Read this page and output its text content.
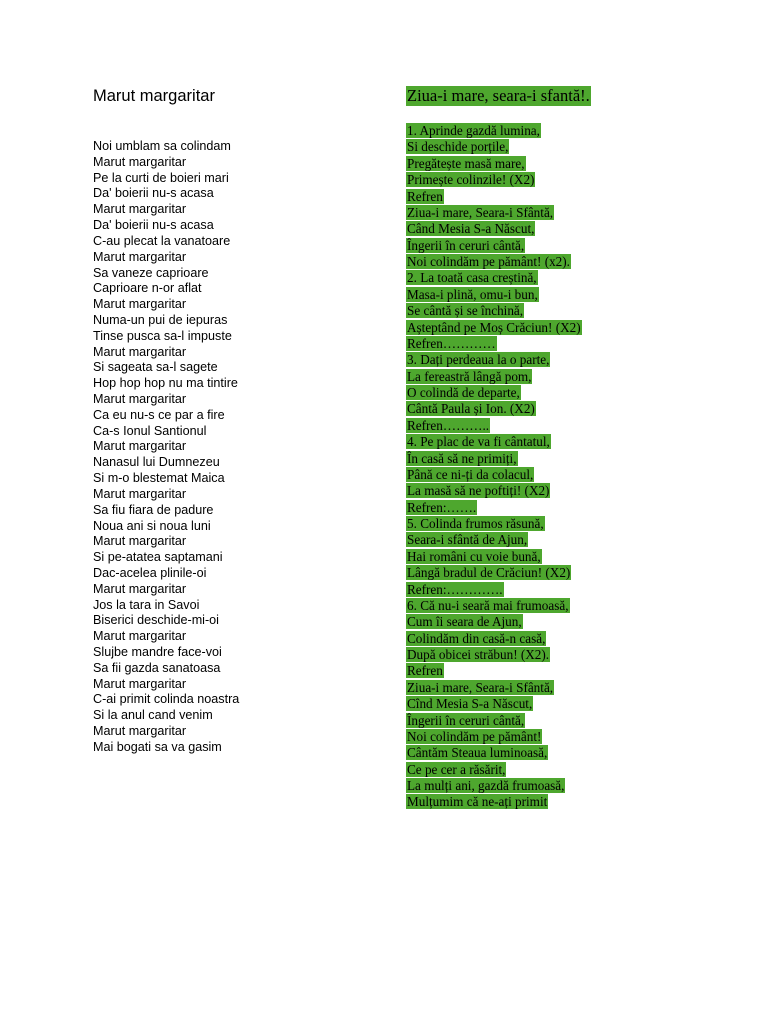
Marut margaritar
Noi umblam sa colindam
Marut margaritar
Pe la curti de boieri mari
Da' boierii nu-s acasa
Marut margaritar
Da' boierii nu-s acasa
C-au plecat la vanatoare
Marut margaritar
Sa vaneze caprioare
Caprioare n-or aflat
Marut margaritar
Numa-un pui de iepuras
Tinse pusca sa-l impuste
Marut margaritar
Si sageata sa-l sagete
Hop hop hop nu ma tintire
Marut margaritar
Ca eu nu-s ce par a fire
Ca-s Ionul Santionul
Marut margaritar
Nanasul lui Dumnezeu
Si m-o blestemat Maica
Marut margaritar
Sa fiu fiara de padure
Noua ani si noua luni
Marut margaritar
Si pe-atatea saptamani
Dac-acelea plinile-oi
Marut margaritar
Jos la tara in Savoi
Biserici deschide-mi-oi
Marut margaritar
Slujbe mandre face-voi
Sa fii gazda sanatoasa
Marut margaritar
C-ai primit colinda noastra
Si la anul cand venim
Marut margaritar
Mai bogati sa va gasim
Ziua-i mare, seara-i sfantă!.
1. Aprinde gazdă lumina,
Si deschide porțile,
Pregătește masă mare,
Primește colinzile! (X2)
Refren
Ziua-i mare, Seara-i Sfântă,
Când Mesia S-a Născut,
Îngerii în ceruri cântă,
Noi colindăm pe pământ! (x2).
2. La toată casa creștină,
Masa-i plină, omu-i bun,
Se cântă și se închină,
Așteptând pe Moș Crăciun! (X2)
Refren…………
3. Dați perdeaua la o parte,
La fereastră lângă pom,
O colindă de departe,
Cântă Paula și Ion. (X2)
Refren………..
4. Pe plac de va fi cântatul,
În casă să ne primiți,
Până ce ni-ți da colacul,
La masă să ne poftiți! (X2)
Refren:…….
5. Colinda frumos răsună,
Seara-i sfântă de Ajun,
Hai români cu voie bună,
Lângă bradul de Crăciun! (X2)
Refren:………….
6. Că nu-i seară mai frumoasă,
Cum îi seara de Ajun,
Colindăm din casă-n casă,
După obicei străbun! (X2).
Refren
Ziua-i mare, Seara-i Sfântă,
Cînd Mesia S-a Născut,
Îngerii în ceruri cântă,
Noi colindăm pe pământ!
Cântăm Steaua luminoasă,
Ce pe cer a răsărit,
La mulți ani, gazdă frumoasă,
Mulțumim că ne-ați primit
